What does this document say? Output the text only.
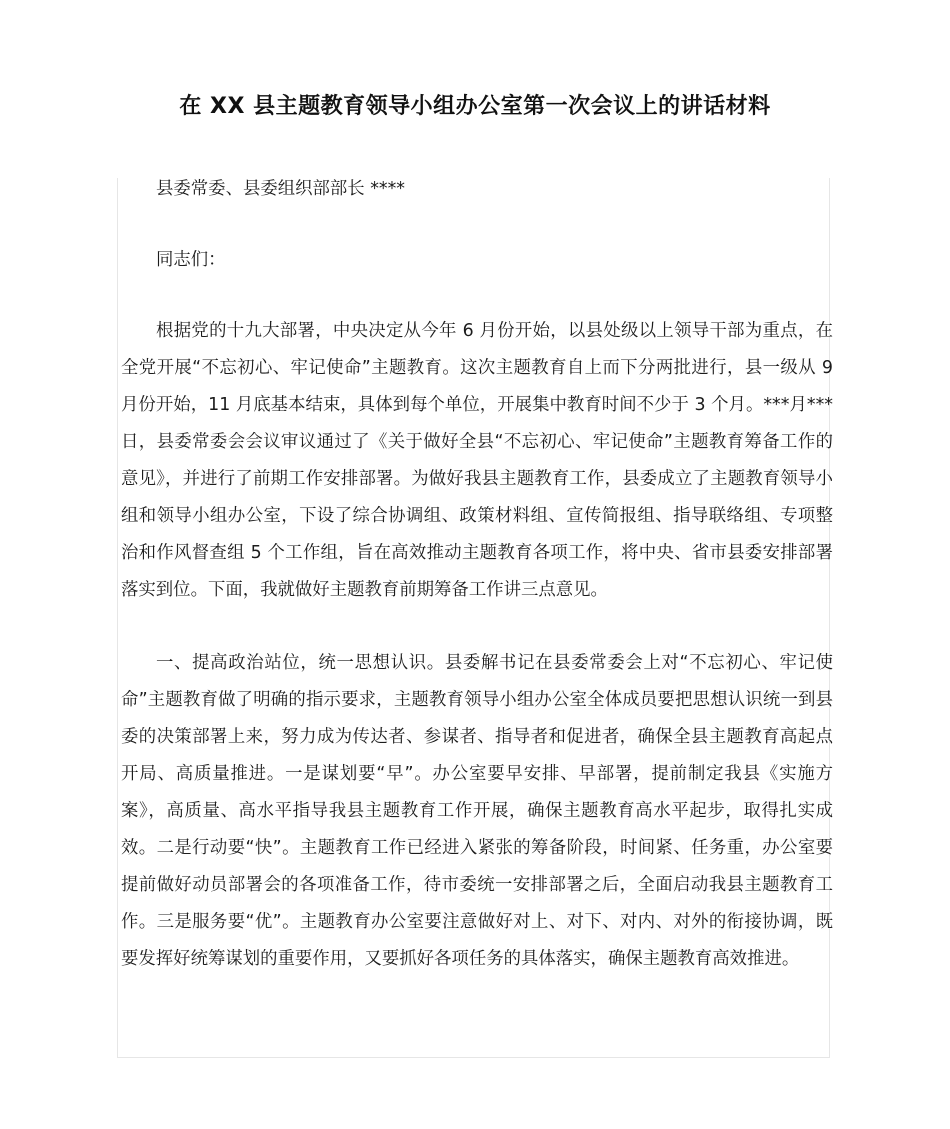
在 XX 县主题教育领导小组办公室第一次会议上的讲话材料

县委常委、县委组织部部长 ****

同志们：

根据党的十九大部署，中央决定从今年 6 月份开始，以县处级以上领导干部为重点，在全党开展“不忘初心、牢记使命”主题教育。这次主题教育自上而下分两批进行，县一级从 9 月份开始，11 月底基本结束，具体到每个单位，开展集中教育时间不少于 3 个月。***月***日，县委常委会会议审议通过了《关于做好全县“不忘初心、牢记使命”主题教育筹备工作的意见》，并进行了前期工作安排部署。为做好我县主题教育工作，县委成立了主题教育领导小组和领导小组办公室，下设了综合协调组、政策材料组、宣传简报组、指导联络组、专项整治和作风督查组 5 个工作组，旨在高效推动主题教育各项工作，将中央、省市县委安排部署落实到位。下面，我就做好主题教育前期筹备工作讲三点意见。

一、提高政治站位，统一思想认识。县委解书记在县委常委会上对“不忘初心、牢记使命”主题教育做了明确的指示要求，主题教育领导小组办公室全体成员要把思想认识统一到县委的决策部署上来，努力成为传达者、参谋者、指导者和促进者，确保全县主题教育高起点开局、高质量推进。一是谋划要“早”。办公室要早安排、早部署，提前制定我县《实施方案》，高质量、高水平指导我县主题教育工作开展，确保主题教育高水平起步，取得扎实成效。二是行动要“快”。主题教育工作已经进入紧张的筹备阶段，时间紧、任务重，办公室要提前做好动员部署会的各项准备工作，待市委统一安排部署之后，全面启动我县主题教育工作。三是服务要“优”。主题教育办公室要注意做好对上、对下、对内、对外的衔接协调，既要发挥好统筹谋划的重要作用，又要抓好各项任务的具体落实，确保主题教育高效推进。
